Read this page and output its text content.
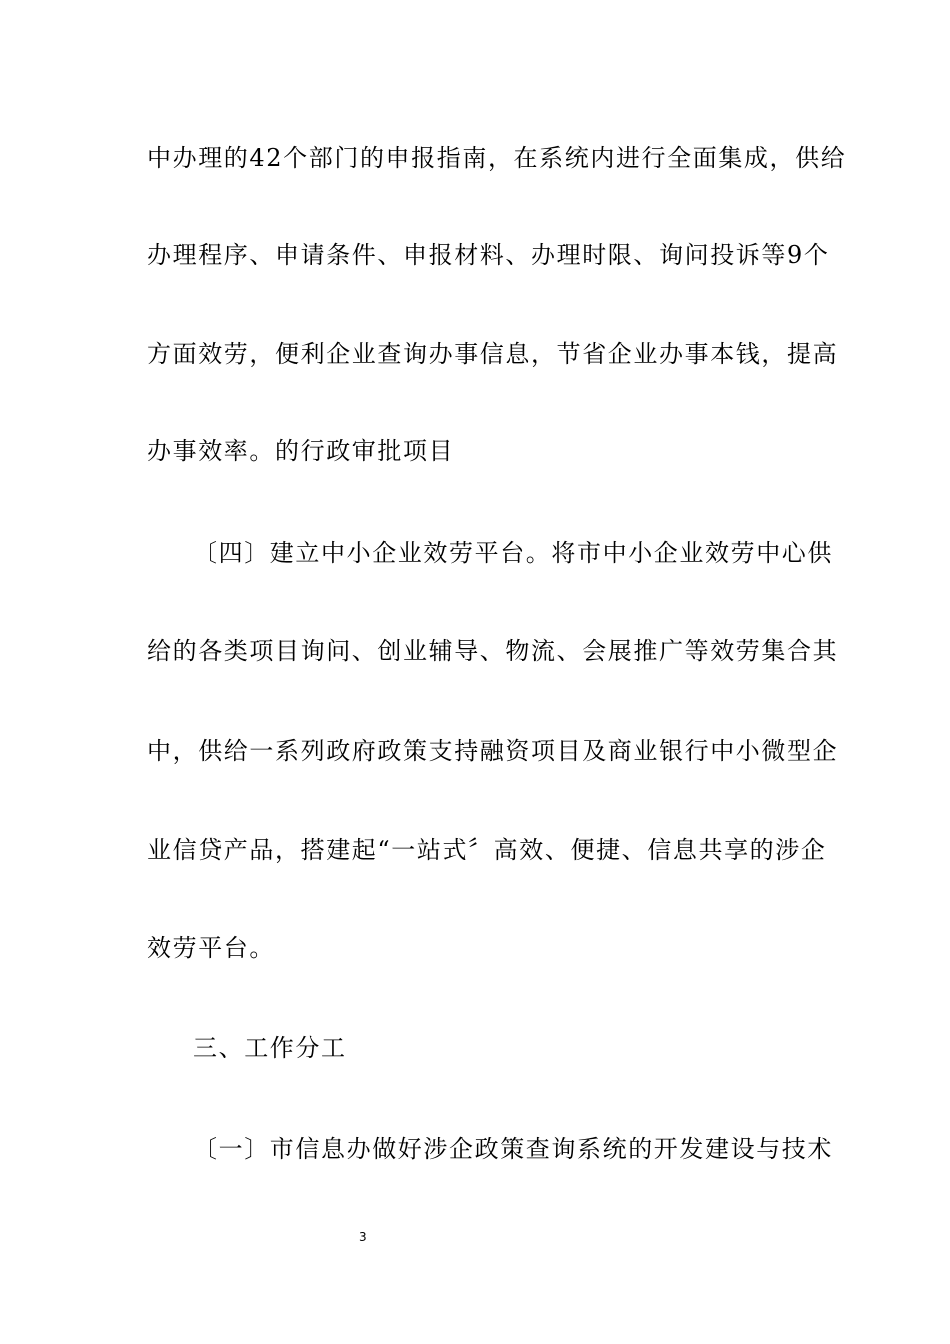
中办理的42个部门的申报指南，在系统内进行全面集成，供给
办理程序、申请条件、申报材料、办理时限、询问投诉等9个
方面效劳，便利企业查询办事信息，节省企业办事本钱，提高
办事效率。的行政审批项目
〔四〕建立中小企业效劳平台。将市中小企业效劳中心供
给的各类项目询问、创业辅导、物流、会展推广等效劳集合其
中，供给一系列政府政策支持融资项目及商业银行中小微型企
业信贷产品，搭建起“一站式〞高效、便捷、信息共享的涉企
效劳平台。
三、工作分工
〔一〕市信息办做好涉企政策查询系统的开发建设与技术
3
